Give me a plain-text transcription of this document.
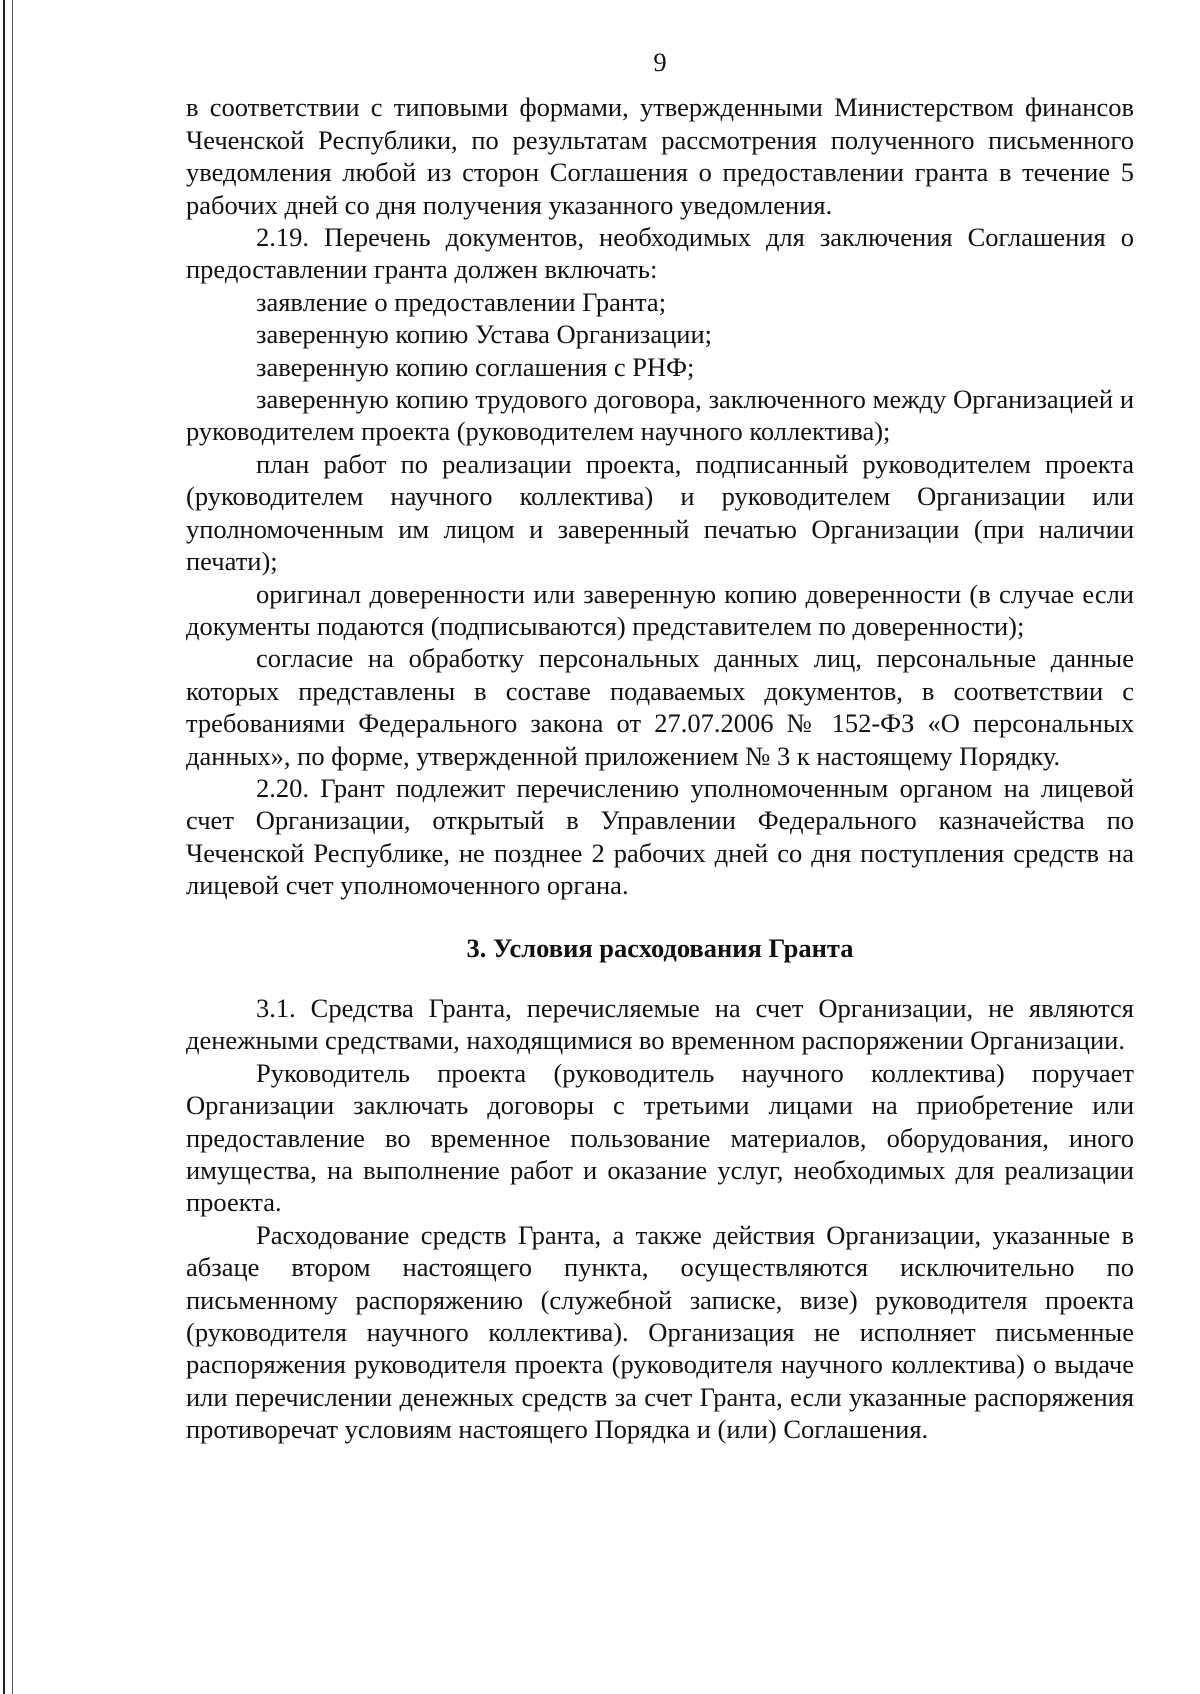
9

в соответствии с типовыми формами, утвержденными Министерством финансов Чеченской Республики, по результатам рассмотрения полученного письменного уведомления любой из сторон Соглашения о предоставлении гранта в течение 5 рабочих дней со дня получения указанного уведомления.

2.19. Перечень документов, необходимых для заключения Соглашения о предоставлении гранта должен включать:

заявление о предоставлении Гранта;

заверенную копию Устава Организации;

заверенную копию соглашения с РНФ;

заверенную копию трудового договора, заключенного между Организацией и руководителем проекта (руководителем научного коллектива);

план работ по реализации проекта, подписанный руководителем проекта (руководителем научного коллектива) и руководителем Организации или уполномоченным им лицом и заверенный печатью Организации (при наличии печати);

оригинал доверенности или заверенную копию доверенности (в случае если документы подаются (подписываются) представителем по доверенности);

согласие на обработку персональных данных лиц, персональные данные которых представлены в составе подаваемых документов, в соответствии с требованиями Федерального закона от 27.07.2006 № 152-ФЗ «О персональных данных», по форме, утвержденной приложением № 3 к настоящему Порядку.

2.20. Грант подлежит перечислению уполномоченным органом на лицевой счет Организации, открытый в Управлении Федерального казначейства по Чеченской Республике, не позднее 2 рабочих дней со дня поступления средств на лицевой счет уполномоченного органа.

3. Условия расходования Гранта

3.1. Средства Гранта, перечисляемые на счет Организации, не являются денежными средствами, находящимися во временном распоряжении Организации.

Руководитель проекта (руководитель научного коллектива) поручает Организации заключать договоры с третьими лицами на приобретение или предоставление во временное пользование материалов, оборудования, иного имущества, на выполнение работ и оказание услуг, необходимых для реализации проекта.

Расходование средств Гранта, а также действия Организации, указанные в абзаце втором настоящего пункта, осуществляются исключительно по письменному распоряжению (служебной записке, визе) руководителя проекта (руководителя научного коллектива). Организация не исполняет письменные распоряжения руководителя проекта (руководителя научного коллектива) о выдаче или перечислении денежных средств за счет Гранта, если указанные распоряжения противоречат условиям настоящего Порядка и (или) Соглашения.
